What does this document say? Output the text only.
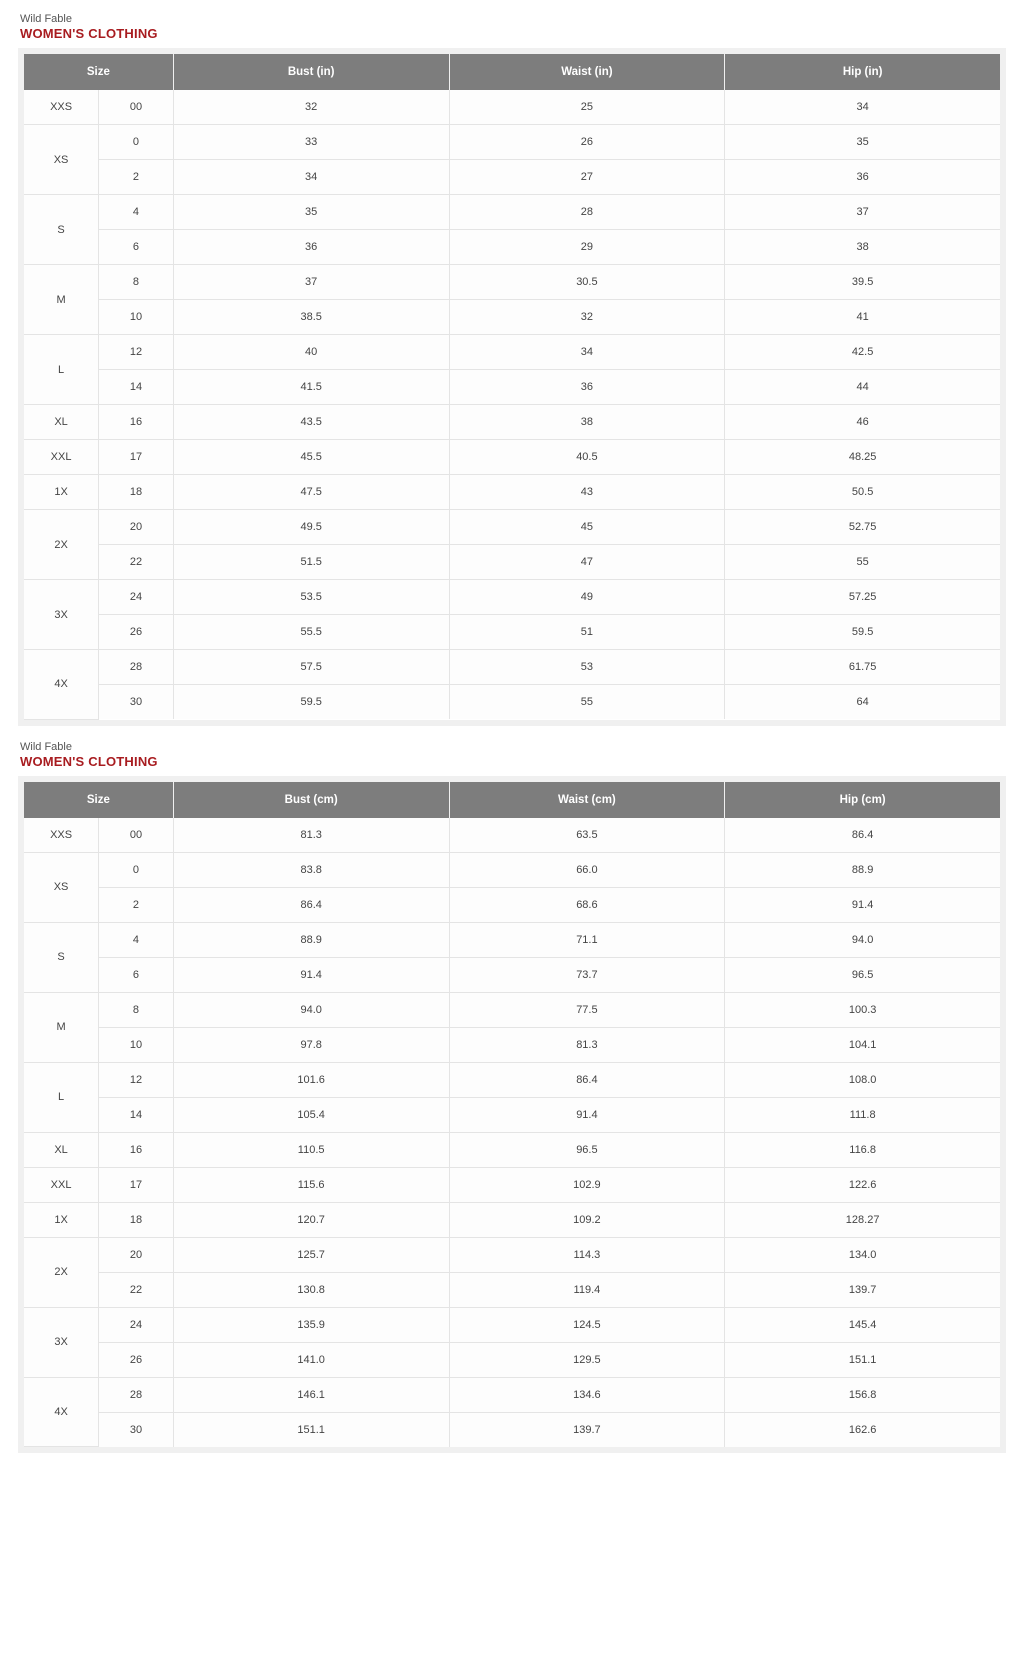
Wild Fable
WOMEN'S CLOTHING
Size		Bust (in)	Waist (in)	Hip (in)
XXS	00	32	25	34
XS	0	33	26	35
	2	34	27	36
S	4	35	28	37
	6	36	29	38
M	8	37	30.5	39.5
	10	38.5	32	41
L	12	40	34	42.5
	14	41.5	36	44
XL	16	43.5	38	46
XXL	17	45.5	40.5	48.25
1X	18	47.5	43	50.5
2X	20	49.5	45	52.75
	22	51.5	47	55
3X	24	53.5	49	57.25
	26	55.5	51	59.5
4X	28	57.5	53	61.75
	30	59.5	55	64
Wild Fable
WOMEN'S CLOTHING
Size		Bust (cm)	Waist (cm)	Hip (cm)
XXS	00	81.3	63.5	86.4
XS	0	83.8	66.0	88.9
	2	86.4	68.6	91.4
S	4	88.9	71.1	94.0
	6	91.4	73.7	96.5
M	8	94.0	77.5	100.3
	10	97.8	81.3	104.1
L	12	101.6	86.4	108.0
	14	105.4	91.4	111.8
XL	16	110.5	96.5	116.8
XXL	17	115.6	102.9	122.6
1X	18	120.7	109.2	128.27
2X	20	125.7	114.3	134.0
	22	130.8	119.4	139.7
3X	24	135.9	124.5	145.4
	26	141.0	129.5	151.1
4X	28	146.1	134.6	156.8
	30	151.1	139.7	162.6
